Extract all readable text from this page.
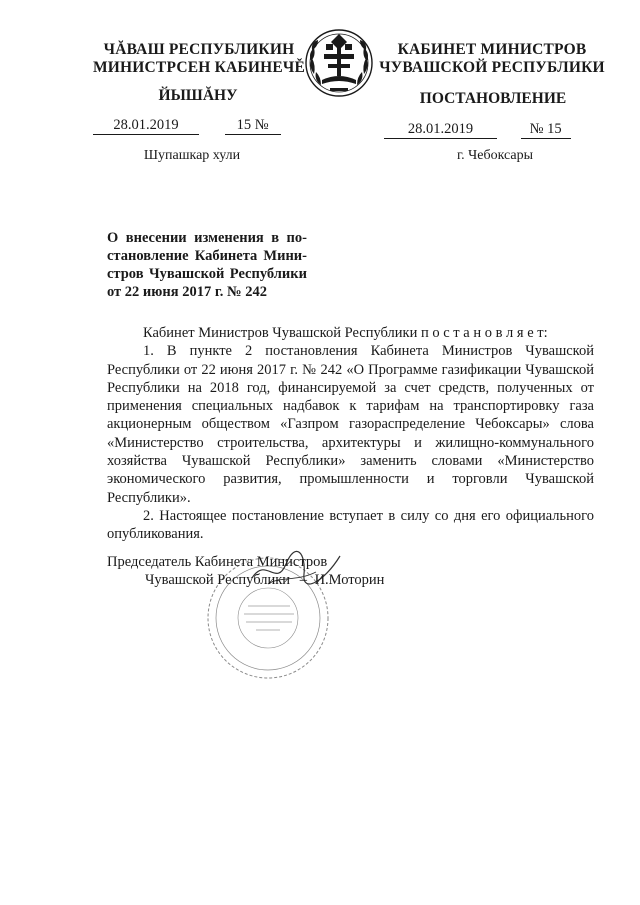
ЧĂВАШ РЕСПУБЛИКИН
МИНИСТРСЕН КАБИНЕЧĚ
ЙЫШĂНУ
КАБИНЕТ МИНИСТРОВ
ЧУВАШСКОЙ РЕСПУБЛИКИ
ПОСТАНОВЛЕНИЕ
28.01.2019	15 №
Шупашкар хули
28.01.2019	№ 15
г. Чебоксары
О внесении изменения в по-
становление Кабинета Мини-
стров Чувашской Республики
от 22 июня 2017 г. № 242

Кабинет Министров Чувашской Республики п о с т а н о в л я е т:

1. В пункте 2 постановления Кабинета Министров Чувашской Республики от 22 июня 2017 г. № 242 «О Программе газификации Чувашской Республики на 2018 год, финансируемой за счет средств, полученных от применения специальных надбавок к тарифам на транспортировку газа акционерным обществом «Газпром газораспределение Чебоксары» слова «Министерство строительства, архитектуры и жилищно-коммунального хозяйства Чувашской Республики» заменить словами «Министерство экономического развития, промышленности и торговли Чувашской Республики».

2. Настоящее постановление вступает в силу со дня его официального опубликования.

Председатель Кабинета Министров
Чувашской Республики – И.Моторин
